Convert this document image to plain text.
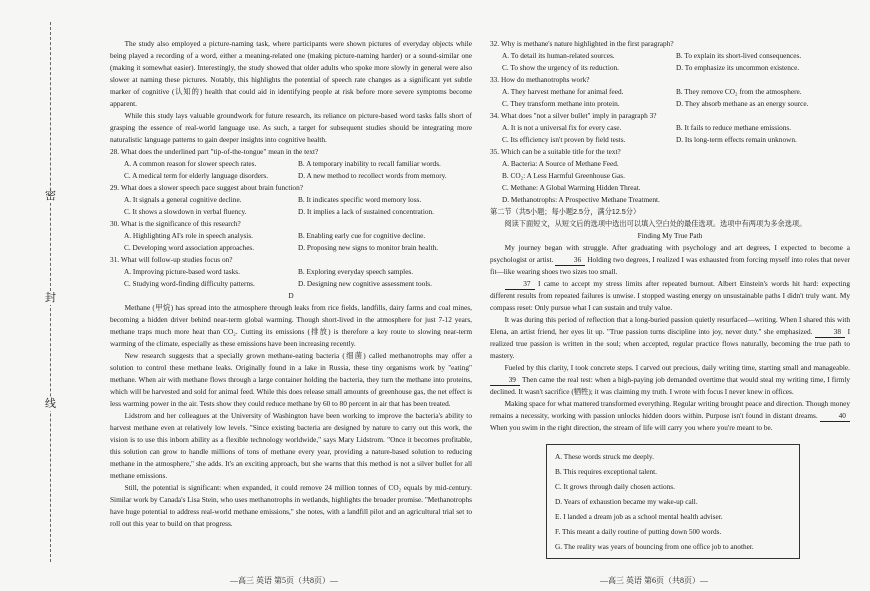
密
封
线

The study also employed a picture-naming task, where participants were shown pictures of everyday objects while being played a recording of a word, either a meaning-related one (making picture-naming harder) or a sound-similar one (making it somewhat easier). Interestingly, the study showed that older adults who spoke more slowly in general were also slower at naming these pictures. Notably, this highlights the potential of speech rate changes as a significant yet subtle marker of cognitive (认知的) health that could aid in identifying people at risk before more severe symptoms become apparent.

While this study lays valuable groundwork for future research, its reliance on picture-based word tasks falls short of grasping the essence of real-world language use. As such, a target for subsequent studies should be integrating more naturalistic language patterns to gain deeper insights into cognitive health.

28. What does the underlined part "tip-of-the-tongue" mean in the text?

A. A common reason for slower speech rates.	B. A temporary inability to recall familiar words.
C. A medical term for elderly language disorders.	D. A new method to recollect words from memory.

29. What does a slower speech pace suggest about brain function?

A. It signals a general cognitive decline.	B. It indicates specific word memory loss.
C. It shows a slowdown in verbal fluency.	D. It implies a lack of sustained concentration.

30. What is the significance of this research?

A. Highlighting AI's role in speech analysis.	B. Enabling early cue for cognitive decline.
C. Developing word association approaches.	D. Proposing new signs to monitor brain health.

31. What will follow-up studies focus on?

A. Improving picture-based word tasks.	B. Exploring everyday speech samples.
C. Studying word-finding difficulty patterns.	D. Designing new cognitive assessment tools.

D

Methane (甲烷) has spread into the atmosphere through leaks from rice fields, landfills, dairy farms and coal mines, becoming a hidden driver behind near-term global warming. Though short-lived in the atmosphere for just 7-12 years, methane traps much more heat than CO₂. Cutting its emissions (排放) is therefore a key route to slowing near-term warming of the climate, especially as these emissions have been increasing recently.

New research suggests that a specially grown methane-eating bacteria (细菌) called methanotrophs may offer a solution to control these methane leaks. Originally found in a lake in Russia, these tiny organisms work by "eating" methane. When air with methane flows through a large container holding the bacteria, they turn the methane into proteins, which will be harvested and sold for animal feed. While this does release small amounts of greenhouse gas, the net effect is less warming power in the air. Tests show they could reduce methane by 60 to 80 percent in air that has been treated.

Lidstrom and her colleagues at the University of Washington have been working to improve the bacteria's ability to harvest methane even at relatively low levels. "Since existing bacteria are designed by nature to carry out this work, the vision is to use this inborn ability as a flexible technology worldwide," says Mary Lidstrom. "Once it becomes profitable, this solution can grow to handle millions of tons of methane every year, providing a nature-based solution to reducing methane in the atmosphere," she adds. It's an exciting approach, but she warns that this method is not a silver bullet for all methane emissions.

Still, the potential is significant: when expanded, it could remove 24 million tonnes of CO₂ equals by mid-century. Similar work by Canada's Lisa Stein, who uses methanotrophs in wetlands, highlights the broader promise. "Methanotrophs have huge potential to address real-world methane emissions," she notes, with a landfill pilot and an agricultural trial set to roll out this year to build on that progress.

—高三 英语 第5页（共8页）—

32. Why is methane's nature highlighted in the first paragraph?

A. To detail its human-related sources.	B. To explain its short-lived consequences.
C. To show the urgency of its reduction.	D. To emphasize its uncommon existence.

33. How do methanotrophs work?

A. They harvest methane for animal feed.	B. They remove CO₂ from the atmosphere.
C. They transform methane into protein.	D. They absorb methane as an energy source.

34. What does "not a silver bullet" imply in paragraph 3?

A. It is not a universal fix for every case.	B. It fails to reduce methane emissions.
C. Its efficiency isn't proven by field tests.	D. Its long-term effects remain unknown.

35. Which can be a suitable title for the text?

A. Bacteria: A Source of Methane Feed.

B. CO₂: A Less Harmful Greenhouse Gas.

C. Methane: A Global Warming Hidden Threat.

D. Methanotrophs: A Prospective Methane Treatment.

第二节（共5小题；每小题2.5分，满分12.5分）

阅读下面短文，从短文后的选项中选出可以填入空白处的最佳选项。选项中有两项为多余选项。

Finding My True Path

My journey began with struggle. After graduating with psychology and art degrees, I expected to become a psychologist or artist.	36 Holding two degrees, I realized I was exhausted from forcing myself into roles that never fit—like wearing shoes two sizes too small.

37 I came to accept my stress limits after repeated burnout. Albert Einstein's words hit hard: expecting different results from repeated failures is unwise. I stopped wasting energy on unsustainable paths I didn't truly want. My compass reset: Only pursue what I can sustain and truly value.

It was during this period of reflection that a long-buried passion quietly resurfaced—writing. When I shared this with Elena, an artist friend, her eyes lit up. "True passion turns discipline into joy, never duty." she emphasized.	38 I realized true passion is written in the soul; when accepted, regular practice flows naturally, becoming the true path to mastery.

Fueled by this clarity, I took concrete steps. I carved out precious, daily writing time, starting small and manageable. 39 Then came the real test: when a high-paying job demanded overtime that would steal my writing time, I firmly declined. It wasn't sacrifice (牺牲); it was claiming my truth. I wrote with focus I never knew in offices.

Making space for what mattered transformed everything. Regular writing brought peace and direction. Though money remains a necessity, working with passion unlocks hidden doors within. Purpose isn't found in distant dreams.	40 When you swim in the right direction, the stream of life will carry you where you're meant to be.

A. These words struck me deeply.

B. This requires exceptional talent.

C. It grows through daily chosen actions.

D. Years of exhaustion became my wake-up call.

E. I landed a dream job as a school mental health adviser.

F. This meant a daily routine of putting down 500 words.

G. The reality was years of bouncing from one office job to another.

—高三 英语 第6页（共8页）—
